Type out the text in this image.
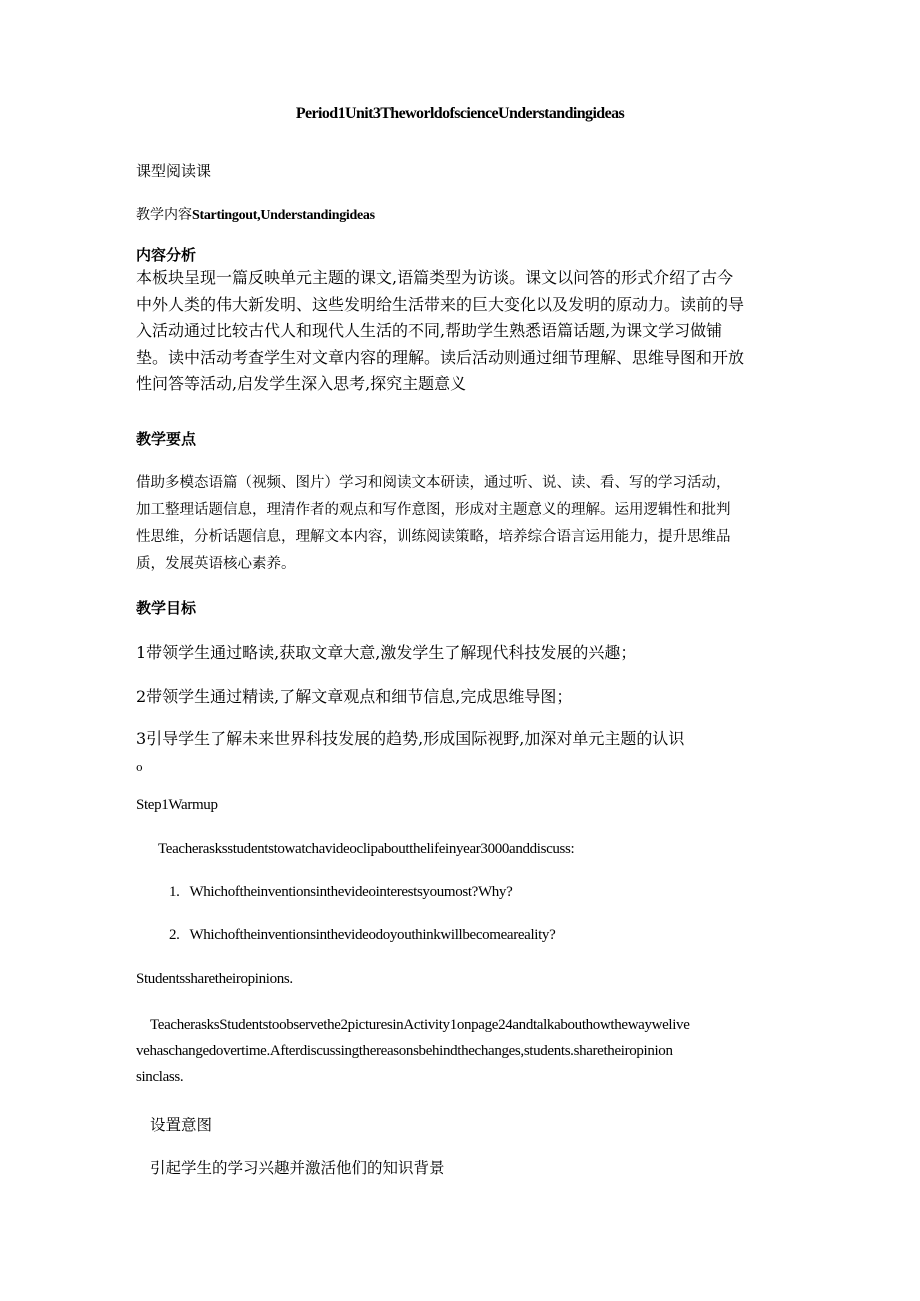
Period1Unit3TheworldofscienceUnderstandingideas
课型阅读课
教学内容Startingout,Understandingideas
内容分析
本板块呈现一篇反映单元主题的课文,语篇类型为访谈。课文以问答的形式介绍了古今
中外人类的伟大新发明、这些发明给生活带来的巨大变化以及发明的原动力。读前的导
入活动通过比较古代人和现代人生活的不同,帮助学生熟悉语篇话题,为课文学习做铺
垫。读中活动考查学生对文章内容的理解。读后活动则通过细节理解、思维导图和开放
性问答等活动,启发学生深入思考,探究主题意义
教学要点
借助多模态语篇（视频、图片）学习和阅读文本研读，通过听、说、读、看、写的学习活动，
加工整理话题信息，理清作者的观点和写作意图，形成对主题意义的理解。运用逻辑性和批判
性思维，分析话题信息，理解文本内容，训练阅读策略，培养综合语言运用能力，提升思维品
质，发展英语核心素养。
教学目标
1带领学生通过略读,获取文章大意,激发学生了解现代科技发展的兴趣；
2带领学生通过精读,了解文章观点和细节信息,完成思维导图；
3引导学生了解未来世界科技发展的趋势,形成国际视野,加深对单元主题的认识
o
Step1Warmup
Teacherasksstudentstowatchavideoclipaboutthelifeinyear3000anddiscuss:
1.   Whichoftheinventionsinthevideointerestsyoumost?Why?
2.   Whichoftheinventionsinthevideodoyouthinkwillbecomeareality?
Studentssharetheiropinions.
TeacherasksStudentstoobservethe2picturesinActivity1onpage24andtalkabouthowthewaywelive
vehaschangedovertime.Afterdiscussingthereasonsbehindthechanges,students.sharetheiropinion
sinclass.
设置意图
引起学生的学习兴趣并激活他们的知识背景
